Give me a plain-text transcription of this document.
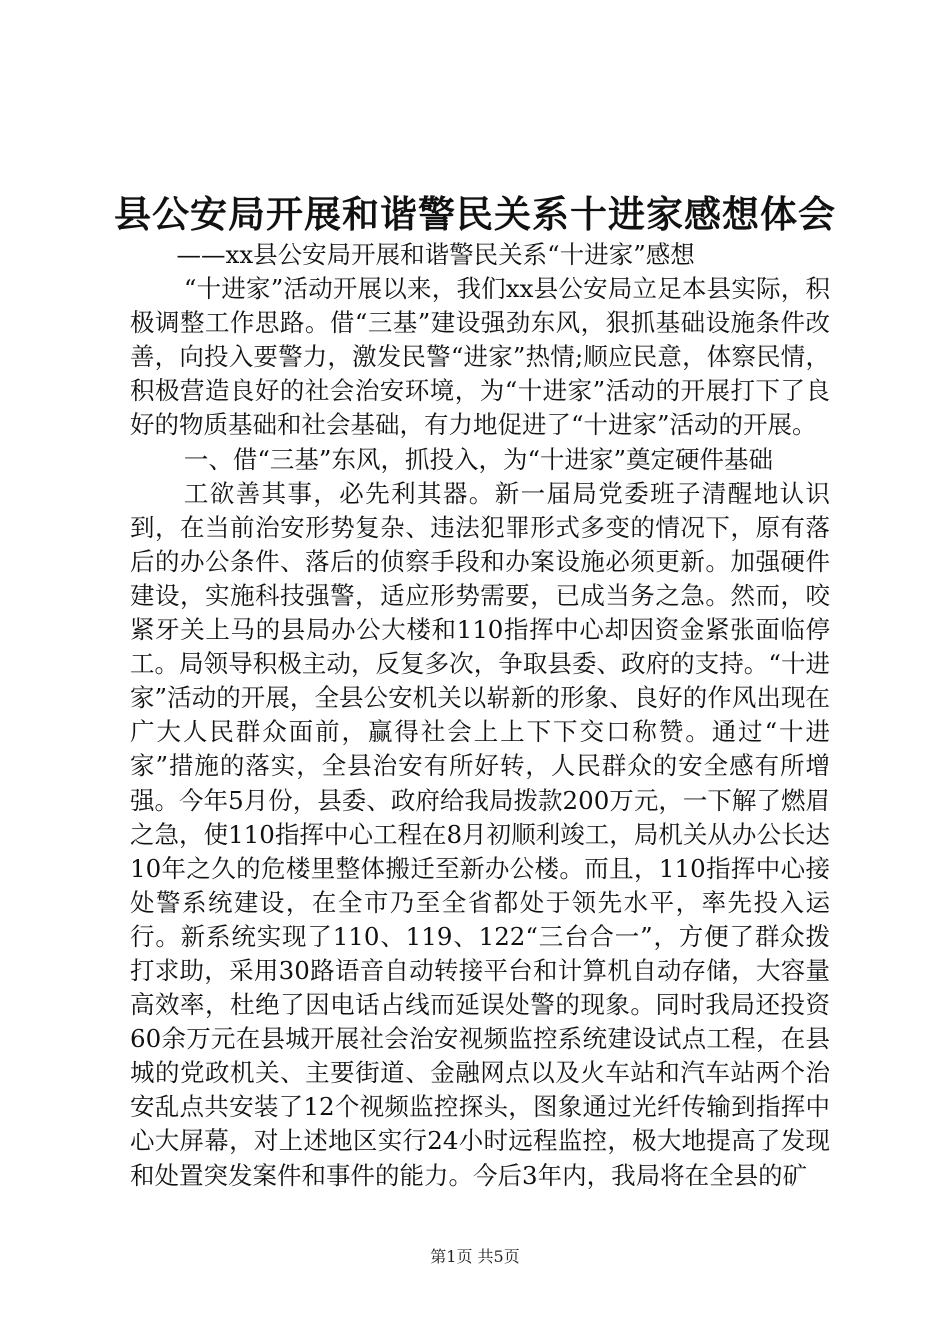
县公安局开展和谐警民关系十进家感想体会

——xx县公安局开展和谐警民关系“十进家”感想

“十进家”活动开展以来，我们xx县公安局立足本县实际，积极调整工作思路。借“三基”建设强劲东风，狠抓基础设施条件改善，向投入要警力，激发民警“进家”热情;顺应民意，体察民情，积极营造良好的社会治安环境，为“十进家”活动的开展打下了良好的物质基础和社会基础，有力地促进了“十进家”活动的开展。

一、借“三基”东风，抓投入，为“十进家”奠定硬件基础

工欲善其事，必先利其器。新一届局党委班子清醒地认识到，在当前治安形势复杂、违法犯罪形式多变的情况下，原有落后的办公条件、落后的侦察手段和办案设施必须更新。加强硬件建设，实施科技强警，适应形势需要，已成当务之急。然而，咬紧牙关上马的县局办公大楼和110指挥中心却因资金紧张面临停工。局领导积极主动，反复多次，争取县委、政府的支持。“十进家”活动的开展，全县公安机关以崭新的形象、良好的作风出现在广大人民群众面前，赢得社会上上下下交口称赞。通过“十进家”措施的落实，全县治安有所好转，人民群众的安全感有所增强。今年5月份，县委、政府给我局拨款200万元，一下解了燃眉之急，使110指挥中心工程在8月初顺利竣工，局机关从办公长达10年之久的危楼里整体搬迁至新办公楼。而且，110指挥中心接处警系统建设，在全市乃至全省都处于领先水平，率先投入运行。新系统实现了110、119、122“三台合一”，方便了群众拨打求助，采用30路语音自动转接平台和计算机自动存储，大容量高效率，杜绝了因电话占线而延误处警的现象。同时我局还投资60余万元在县城开展社会治安视频监控系统建设试点工程，在县城的党政机关、主要街道、金融网点以及火车站和汽车站两个治安乱点共安装了12个视频监控探头，图象通过光纤传输到指挥中心大屏幕，对上述地区实行24小时远程监控，极大地提高了发现和处置突发案件和事件的能力。今后3年内，我局将在全县的矿

第1页 共5页
